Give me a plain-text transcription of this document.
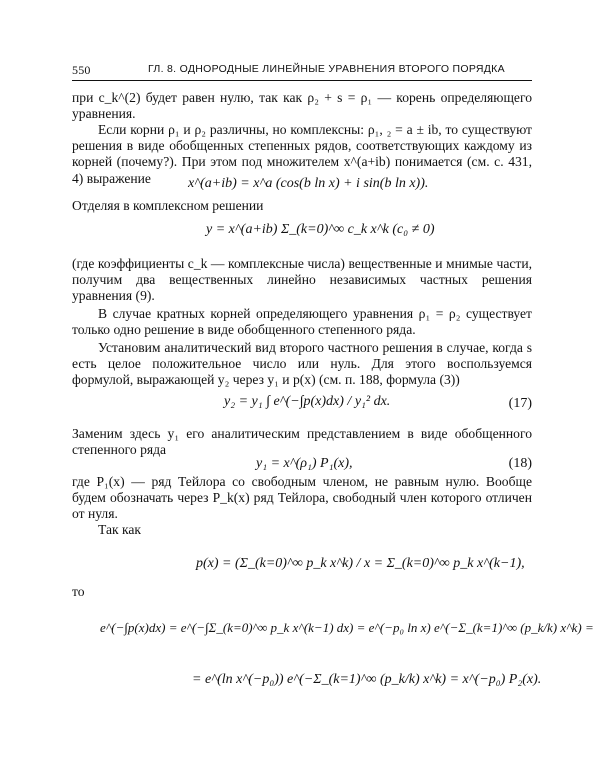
550	ГЛ. 8. ОДНОРОДНЫЕ ЛИНЕЙНЫЕ УРАВНЕНИЯ ВТОРОГО ПОРЯДКА

при c_k^(2) будет равен нулю, так как ρ₂ + s = ρ₁ — корень определяющего уравнения.

Если корни ρ₁ и ρ₂ различны, но комплексны: ρ₁, ₂ = a ± ib, то существуют решения в виде обобщенных степенных рядов, соответствующих каждому из корней (почему?). При этом под множителем x^(a+ib) понимается (см. с. 431, 4) выражение	x^(a+ib) = x^a (cos(b ln x) + i sin(b ln x)).

Отделяя в комплексном решении

y = x^(a+ib) Σ_(k=0)^∞ c_k x^k (c₀ ≠ 0)

(где коэффициенты c_k — комплексные числа) вещественные и мнимые части, получим два вещественных линейно независимых частных решения уравнения (9).

В случае кратных корней определяющего уравнения ρ₁ = ρ₂ существует только одно решение в виде обобщенного степенного ряда.

Установим аналитический вид второго частного решения в случае, когда s есть целое положительное число или нуль. Для этого воспользуемся формулой, выражающей y₂ через y₁ и p(x) (см. п. 188, формула (3))

y₂ = y₁ ∫ e^(−∫p(x)dx) / y₁² dx.	(17)

Заменим здесь y₁ его аналитическим представлением в виде обобщенного степенного ряда

y₁ = x^(ρ₁) P₁(x),	(18)

где P₁(x) — ряд Тейлора со свободным членом, не равным нулю. Вообще будем обозначать через P_k(x) ряд Тейлора, свободный член которого отличен от нуля.

Так как

p(x) = (Σ_(k=0)^∞ p_k x^k) / x = Σ_(k=0)^∞ p_k x^(k−1),

то

e^(−∫p(x)dx) = e^(−∫Σ_(k=0)^∞ p_k x^(k−1) dx) = e^(−p₀ ln x) e^(−Σ_(k=1)^∞ (p_k/k) x^k) =
= e^(ln x^(−p₀)) e^(−Σ_(k=1)^∞ (p_k/k) x^k) = x^(−p₀) P₂(x).
